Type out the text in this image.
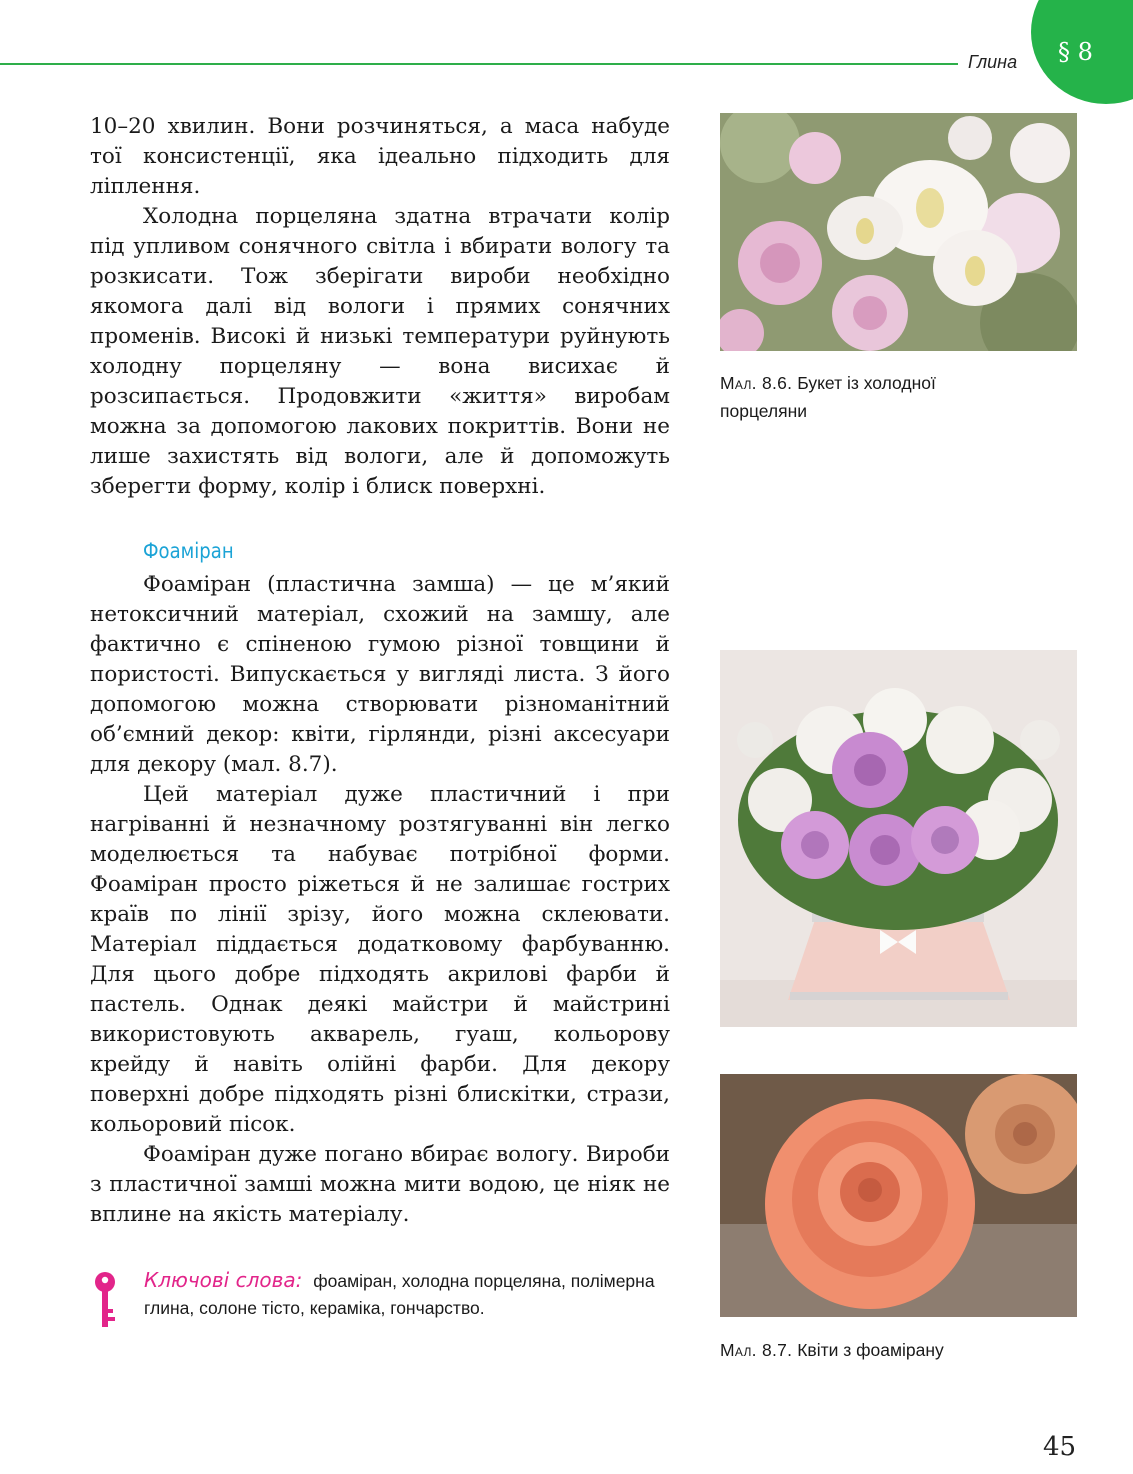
Глина § 8

10–20 хвилин. Вони розчиняться, а маса набуде тої консистенції, яка ідеально підходить для ліплення.

Холодна порцеляна здатна втрачати колір під упливом сонячного світла і вбирати вологу та розкисати. Тож зберігати вироби необхідно якомога далі від вологи і прямих сонячних променів. Високі й низькі температури руйнують холодну порцеляну — вона висихає й розсипається. Продовжити «життя» виробам можна за допомогою лакових покриттів. Вони не лише захистять від вологи, але й допоможуть зберегти форму, колір і блиск поверхні.

Фоаміран

Фоаміран (пластична замша) — це м’який нетоксичний матеріал, схожий на замшу, але фактично є спіненою гумою різної товщини й пористості. Випускається у вигляді листа. З його допомогою можна створювати різноманітний об’ємний декор: квіти, гірлянди, різні аксесуари для декору (мал. 8.7).

Цей матеріал дуже пластичний і при нагріванні й незначному розтягуванні він легко моделюється та набуває потрібної форми. Фоаміран просто ріжеться й не залишає гострих країв по лінії зрізу, його можна склеювати. Матеріал піддається додатковому фарбуванню. Для цього добре підходять акрилові фарби й пастель. Однак деякі майстри й майстрині використовують акварель, гуаш, кольорову крейду й навіть олійні фарби. Для декору поверхні добре підходять різні блискітки, стрази, кольоровий пісок.

Фоаміран дуже погано вбирає вологу. Вироби з пластичної замші можна мити водою, це ніяк не вплине на якість матеріалу.

Ключові слова: фоаміран, холодна порцеляна, полімерна глина, солоне тісто, кераміка, гончарство.
Мал. 8.6. Букет із холодної порцеляни
Мал. 8.7. Квіти з фоамірану
45
